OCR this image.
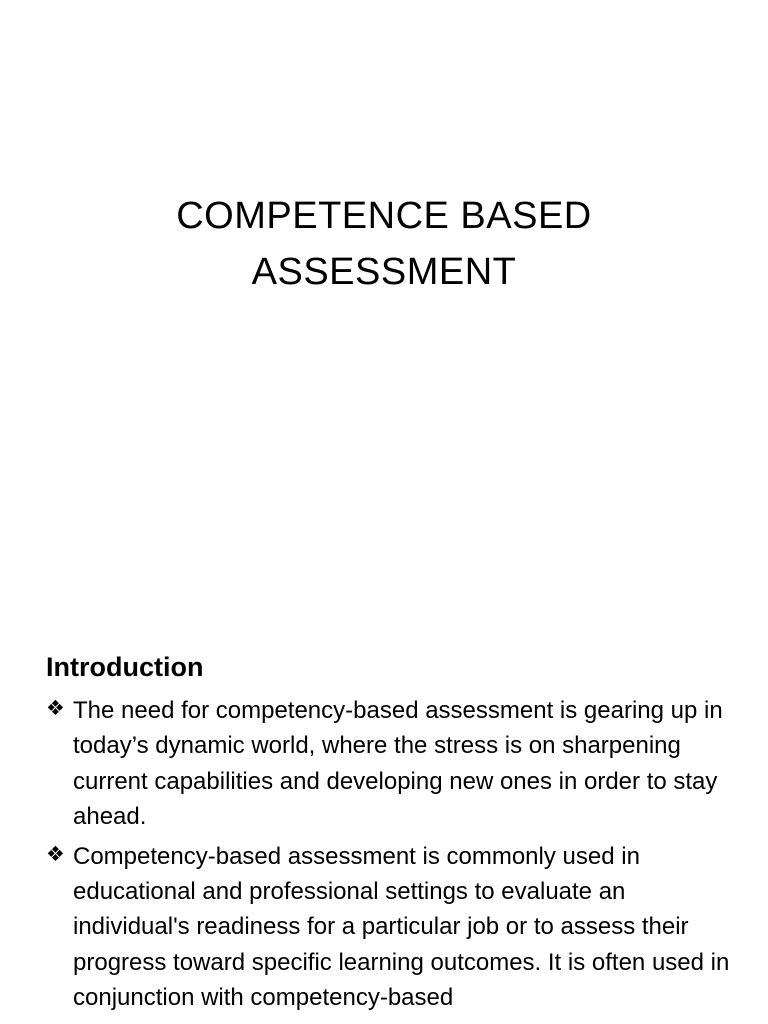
COMPETENCE BASED
ASSESSMENT
Introduction
❖ The need for competency-based assessment is gearing up in today’s dynamic world, where the stress is on sharpening current capabilities and developing new ones in order to stay ahead.
❖ Competency-based assessment is commonly used in educational and professional settings to evaluate an individual's readiness for a particular job or to assess their progress toward specific learning outcomes. It is often used in conjunction with competency-based
